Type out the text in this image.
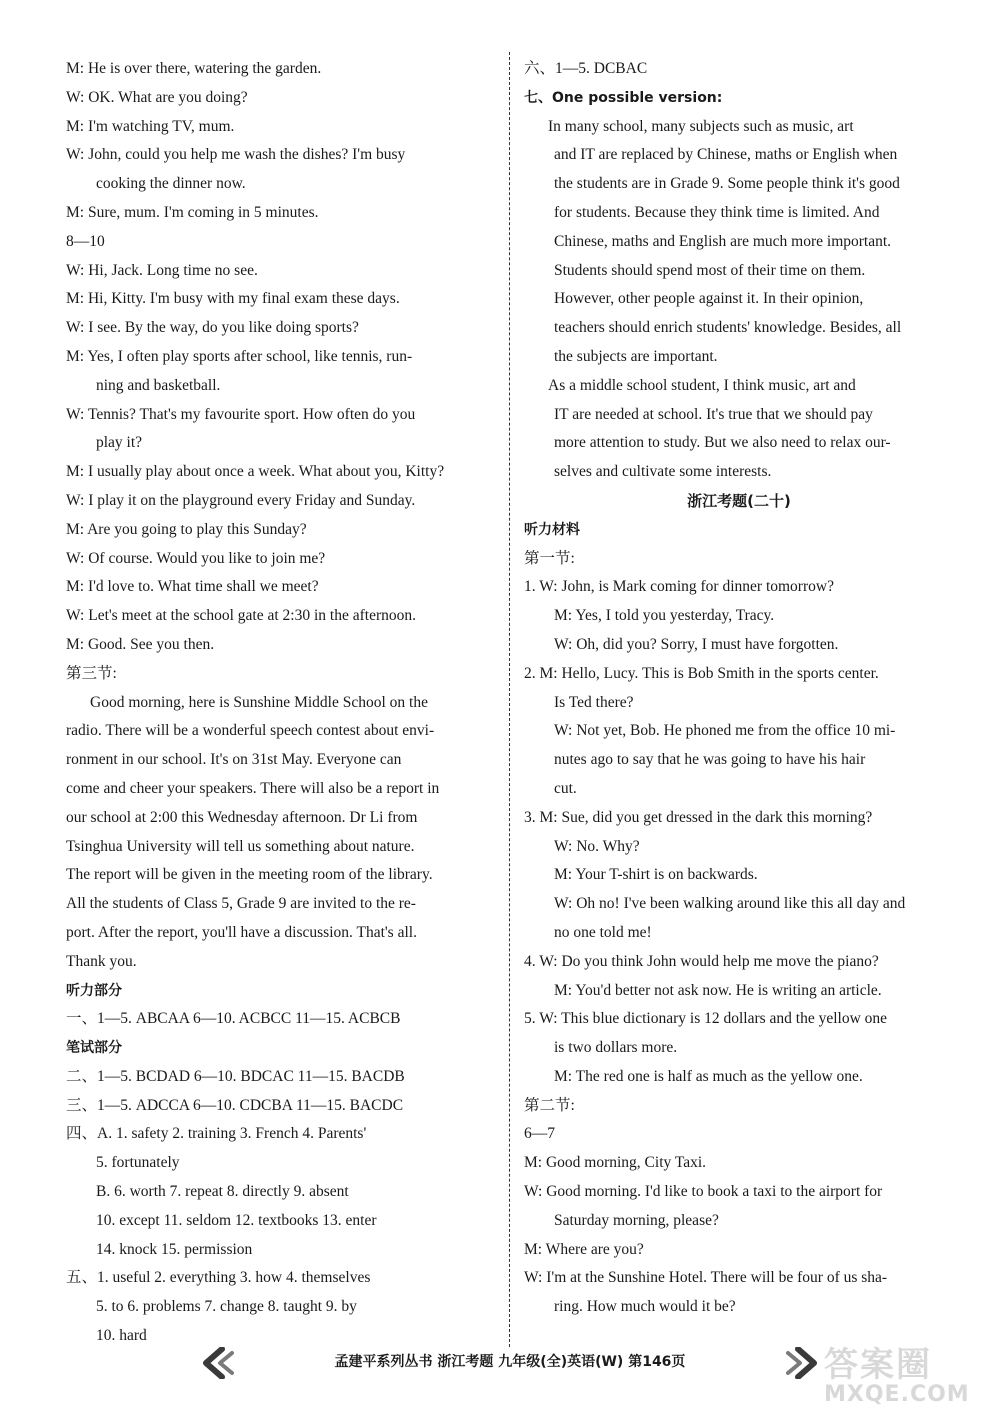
M: He is over there, watering the garden.
W: OK. What are you doing?
M: I'm watching TV, mum.
W: John, could you help me wash the dishes? I'm busy
cooking the dinner now.
M: Sure, mum. I'm coming in 5 minutes.
8—10
W: Hi, Jack. Long time no see.
M: Hi, Kitty. I'm busy with my final exam these days.
W: I see. By the way, do you like doing sports?
M: Yes, I often play sports after school, like tennis, run-
ning and basketball.
W: Tennis? That's my favourite sport. How often do you
play it?
M: I usually play about once a week. What about you, Kitty?
W: I play it on the playground every Friday and Sunday.
M: Are you going to play this Sunday?
W: Of course. Would you like to join me?
M: I'd love to. What time shall we meet?
W: Let's meet at the school gate at 2:30 in the afternoon.
M: Good. See you then.
第三节:
Good morning, here is Sunshine Middle School on the
radio. There will be a wonderful speech contest about envi-
ronment in our school. It's on 31st May. Everyone can
come and cheer your speakers. There will also be a report in
our school at 2:00 this Wednesday afternoon. Dr Li from
Tsinghua University will tell us something about nature.
The report will be given in the meeting room of the library.
All the students of Class 5, Grade 9 are invited to the re-
port. After the report, you'll have a discussion. That's all.
Thank you.
听力部分
一、1—5. ABCAA 6—10. ACBCC 11—15. ACBCB
笔试部分
二、1—5. BCDAD 6—10. BDCAC 11—15. BACDB
三、1—5. ADCCA 6—10. CDCBA 11—15. BACDC
四、A. 1. safety 2. training 3. French 4. Parents'
5. fortunately
B. 6. worth 7. repeat 8. directly 9. absent
10. except 11. seldom 12. textbooks 13. enter
14. knock 15. permission
五、1. useful 2. everything 3. how 4. themselves
5. to 6. problems 7. change 8. taught 9. by
10. hard
六、1—5. DCBAC
七、One possible version:
In many school, many subjects such as music, art
and IT are replaced by Chinese, maths or English when
the students are in Grade 9. Some people think it's good
for students. Because they think time is limited. And
Chinese, maths and English are much more important.
Students should spend most of their time on them.
However, other people against it. In their opinion,
teachers should enrich students' knowledge. Besides, all
the subjects are important.
As a middle school student, I think music, art and
IT are needed at school. It's true that we should pay
more attention to study. But we also need to relax our-
selves and cultivate some interests.
浙江考题(二十)
听力材料
第一节:
1. W: John, is Mark coming for dinner tomorrow?
M: Yes, I told you yesterday, Tracy.
W: Oh, did you? Sorry, I must have forgotten.
2. M: Hello, Lucy. This is Bob Smith in the sports center.
Is Ted there?
W: Not yet, Bob. He phoned me from the office 10 mi-
nutes ago to say that he was going to have his hair
cut.
3. M: Sue, did you get dressed in the dark this morning?
W: No. Why?
M: Your T-shirt is on backwards.
W: Oh no! I've been walking around like this all day and
no one told me!
4. W: Do you think John would help me move the piano?
M: You'd better not ask now. He is writing an article.
5. W: This blue dictionary is 12 dollars and the yellow one
is two dollars more.
M: The red one is half as much as the yellow one.
第二节:
6—7
M: Good morning, City Taxi.
W: Good morning. I'd like to book a taxi to the airport for
Saturday morning, please?
M: Where are you?
W: I'm at the Sunshine Hotel. There will be four of us sha-
ring. How much would it be?
孟建平系列丛书 浙江考题 九年级(全)英语(W) 第146页	答案圈
MXQE.COM
